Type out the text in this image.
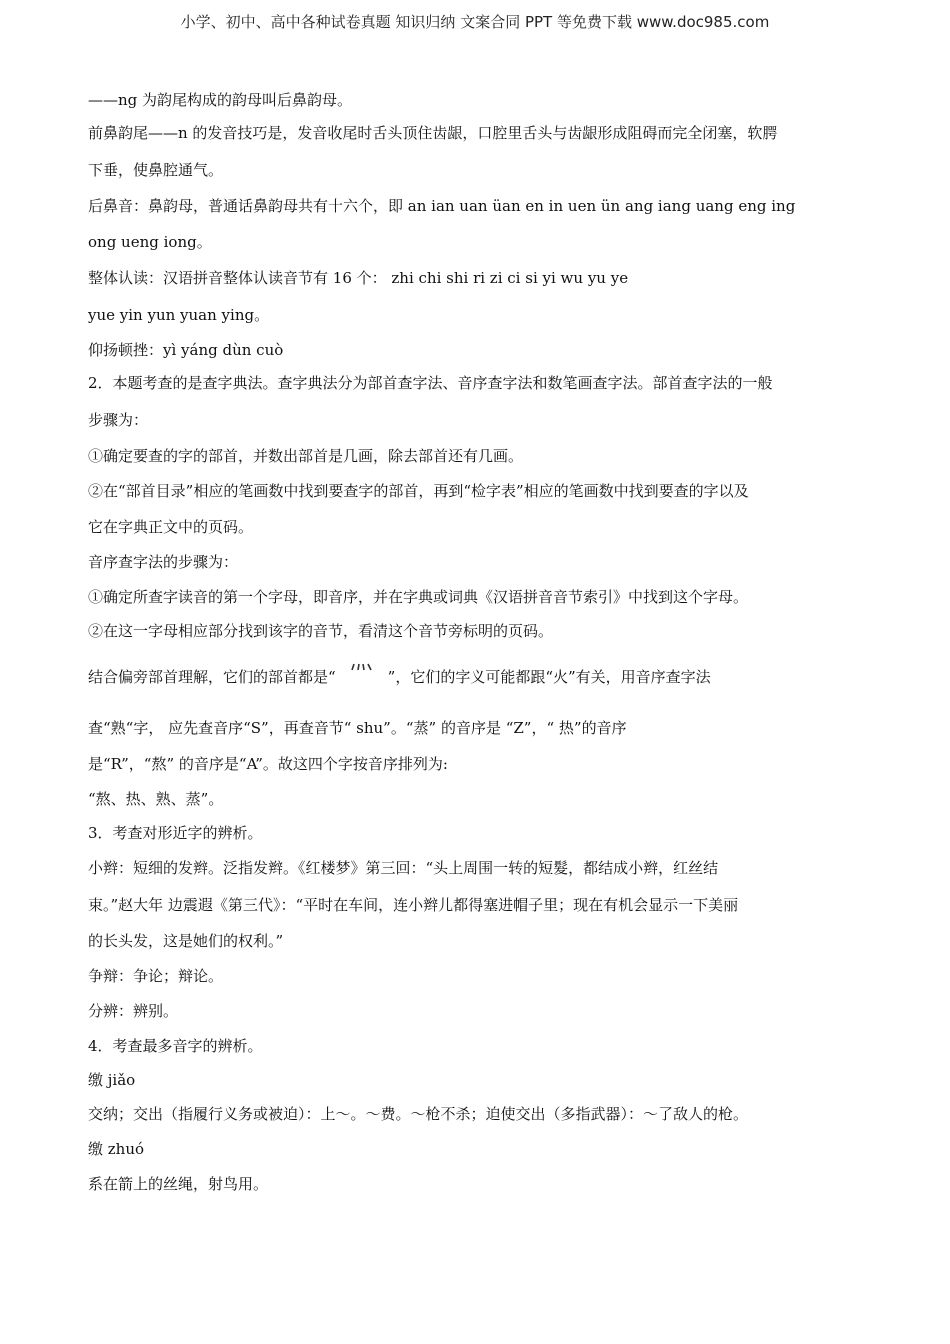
小学、初中、高中各种试卷真题 知识归纳 文案合同 PPT 等免费下载 www.doc985.com
——ng 为韵尾构成的韵母叫后鼻韵母。
前鼻韵尾——n 的发音技巧是，发音收尾时舌头顶住齿龈，口腔里舌头与齿龈形成阻碍而完全闭塞，软腭
下垂，使鼻腔通气。
后鼻音：鼻韵母，普通话鼻韵母共有十六个，即 an ian uan üan en in uen ün ang iang uang eng ing
ong ueng iong。
整体认读：汉语拼音整体认读音节有 16 个： zhi chi shi ri zi ci si yi wu yu ye
yue yin yun yuan ying。
仰扬顿挫：yì yáng dùn cuò
2．本题考查的是查字典法。查字典法分为部首查字法、音序查字法和数笔画查字法。部首查字法的一般
步骤为：
①确定要查的字的部首，并数出部首是几画，除去部首还有几画。
②在“部首目录”相应的笔画数中找到要查字的部首，再到“检字表”相应的笔画数中找到要查的字以及
它在字典正文中的页码。
音序查字法的步骤为：
①确定所查字读音的第一个字母，即音序，并在字典或词典《汉语拼音音节索引》中找到这个字母。
②在这一字母相应部分找到该字的音节，看清这个音节旁标明的页码。
结合偏旁部首理解，它们的部首都是“	”，它们的字义可能都跟“火”有关，用音序查字法
查“熟“字， 应先查音序“S”，再查音节“ shu”。“蒸” 的音序是 “Z”，“ 热”的音序
是“R”，“熬” 的音序是“A”。故这四个字按音序排列为:
“熬、热、熟、蒸”。
3．考查对形近字的辨析。
小辫：短细的发辫。泛指发辫。《红楼梦》第三回：“头上周围一转的短髮，都结成小辫，红丝结
束。”赵大年 边震遐《第三代》：“平时在车间，连小辫儿都得塞进帽子里；现在有机会显示一下美丽
的长头发，这是她们的权利。”
争辩：争论；辩论。
分辨：辨别。
4．考查最多音字的辨析。
缴 jiǎo
交纳；交出（指履行义务或被迫）：上～。～费。～枪不杀；迫使交出（多指武器）：～了敌人的枪。
缴 zhuó
系在箭上的丝绳，射鸟用。
